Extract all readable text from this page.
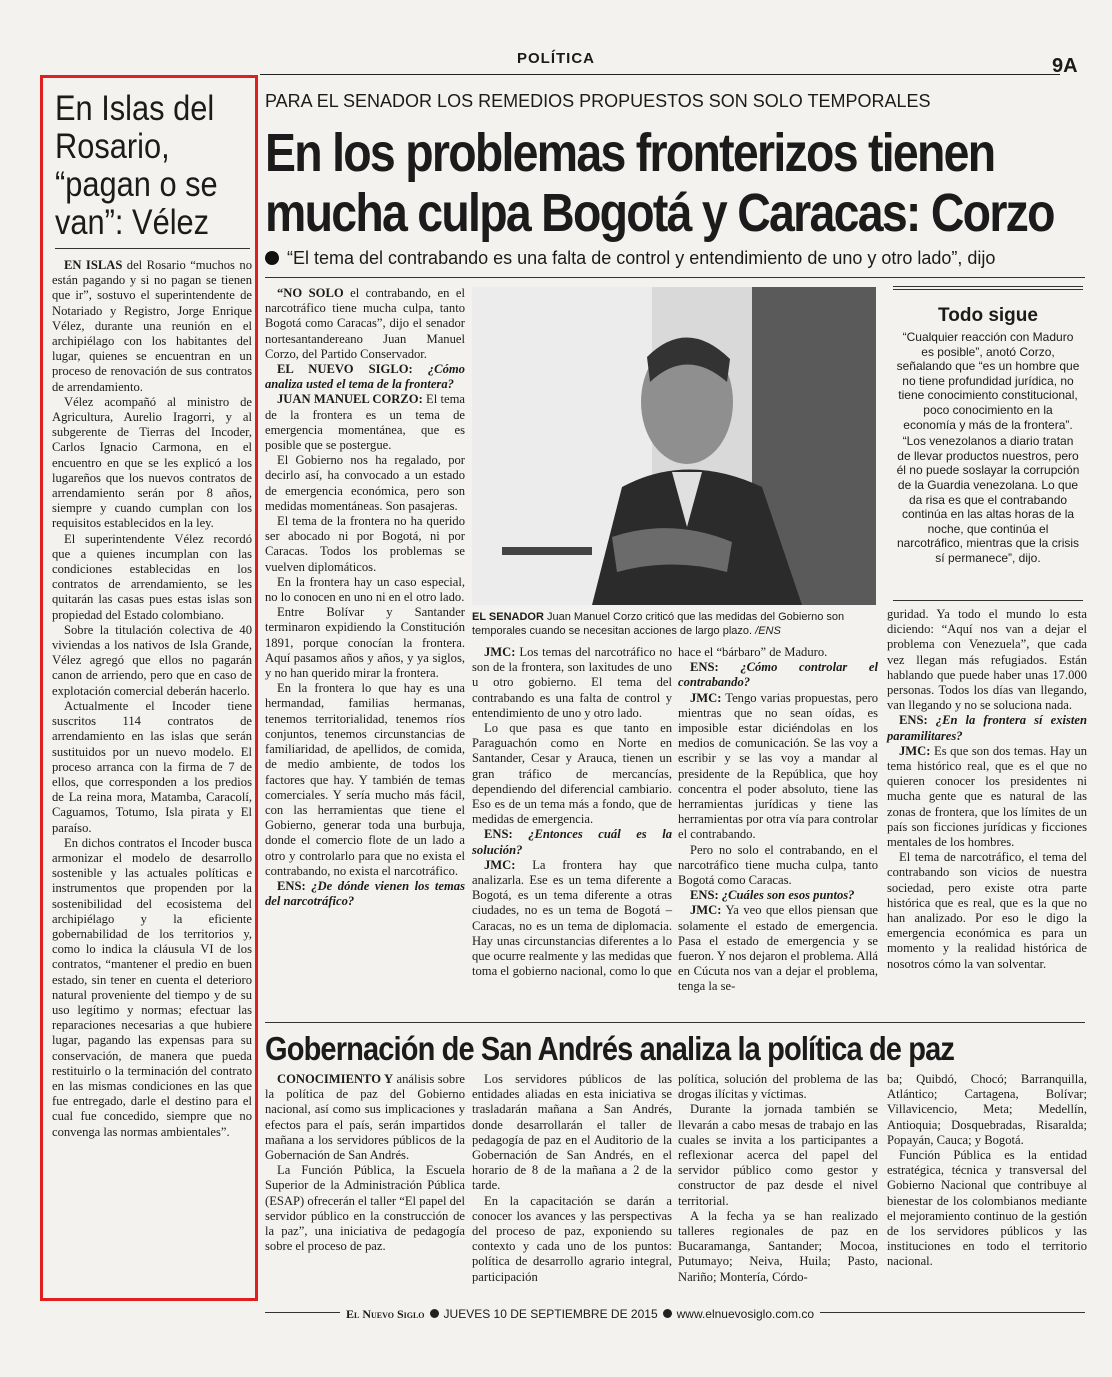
POLÍTICA	9A
En Islas del Rosario, “pagan o se van”: Vélez

EN ISLAS del Rosario “muchos no están pagando y si no pagan se tienen que ir”, sostuvo el superintendente de Notariado y Registro, Jorge Enrique Vélez, durante una reunión en el archipiélago con los habitantes del lugar, quienes se encuentran en un proceso de renovación de sus contratos de arrendamiento.

Vélez acompañó al ministro de Agricultura, Aurelio Iragorri, y al subgerente de Tierras del Incoder, Carlos Ignacio Carmona, en el encuentro en que se les explicó a los lugareños que los nuevos contratos de arrendamiento serán por 8 años, siempre y cuando cumplan con los requisitos establecidos en la ley.

El superintendente Vélez recordó que a quienes incumplan con las condiciones establecidas en los contratos de arrendamiento, se les quitarán las casas pues estas islas son propiedad del Estado colombiano.

Sobre la titulación colectiva de 40 viviendas a los nativos de Isla Grande, Vélez agregó que ellos no pagarán canon de arriendo, pero que en caso de explotación comercial deberán hacerlo.

Actualmente el Incoder tiene suscritos 114 contratos de arrendamiento en las islas que serán sustituidos por un nuevo modelo. El proceso arranca con la firma de 7 de ellos, que corresponden a los predios de La reina mora, Matamba, Caracolí, Caguamos, Totumo, Isla pirata y El paraíso.

En dichos contratos el Incoder busca armonizar el modelo de desarrollo sostenible y las actuales políticas e instrumentos que propenden por la sostenibilidad del ecosistema del archipiélago y la eficiente gobernabilidad de los territorios y, como lo indica la cláusula VI de los contratos, “mantener el predio en buen estado, sin tener en cuenta el deterioro natural proveniente del tiempo y de su uso legítimo y normas; efectuar las reparaciones necesarias a que hubiere lugar, pagando las expensas para su conservación, de manera que pueda restituirlo o la terminación del contrato en las mismas condiciones en las que fue entregado, darle el destino para el cual fue concedido, siempre que no convenga las normas ambientales”.

PARA EL SENADOR LOS REMEDIOS PROPUESTOS SON SOLO TEMPORALES
En los problemas fronterizos tienen mucha culpa Bogotá y Caracas: Corzo
“El tema del contrabando es una falta de control y entendimiento de uno y otro lado”, dijo

“NO SOLO el contrabando, en el narcotráfico tiene mucha culpa, tanto Bogotá como Caracas”, dijo el senador nortesantandereano Juan Manuel Corzo, del Partido Conservador.

EL NUEVO SIGLO: ¿Cómo analiza usted el tema de la frontera?

JUAN MANUEL CORZO: El tema de la frontera es un tema de emergencia momentánea, que es posible que se postergue.

El Gobierno nos ha regalado, por decirlo así, ha convocado a un estado de emergencia económica, pero son medidas momentáneas. Son pasajeras.

El tema de la frontera no ha querido ser abocado ni por Bogotá, ni por Caracas. Todos los problemas se vuelven diplomáticos.

En la frontera hay un caso especial, no lo conocen en uno ni en el otro lado.

Entre Bolívar y Santander terminaron expidiendo la Constitución 1891, porque conocían la frontera. Aquí pasamos años y años, y ya siglos, y no han querido mirar la frontera.

En la frontera lo que hay es una hermandad, familias hermanas, tenemos territorialidad, tenemos ríos conjuntos, tenemos circunstancias de familiaridad, de apellidos, de comida, de medio ambiente, de todos los factores que hay. Y también de temas comerciales. Y sería mucho más fácil, con las herramientas que tiene el Gobierno, generar toda una burbuja, donde el comercio flote de un lado a otro y controlarlo para que no exista el contrabando, no exista el narcotráfico.

ENS: ¿De dónde vienen los temas del narcotráfico?

EL SENADOR Juan Manuel Corzo criticó que las medidas del Gobierno son temporales cuando se necesitan acciones de largo plazo. /ENS

JMC: Los temas del narcotráfico no son de la frontera, son laxitudes de uno u otro gobierno. El tema del contrabando es una falta de control y entendimiento de uno y otro lado.

Lo que pasa es que tanto en Paraguachón como en Norte en Santander, Cesar y Arauca, tienen un gran tráfico de mercancías, dependiendo del diferencial cambiario. Eso es de un tema más a fondo, que de medidas de emergencia.

ENS: ¿Entonces cuál es la solución?

JMC: La frontera hay que analizarla. Ese es un tema diferente a Bogotá, es un tema diferente a otras ciudades, no es un tema de Bogotá – Caracas, no es un tema de diplomacia. Hay unas circunstancias diferentes a lo que ocurre realmente y las medidas que toma el gobierno nacional, como lo que

hace el “bárbaro” de Maduro.

ENS: ¿Cómo controlar el contrabando?

JMC: Tengo varias propuestas, pero mientras que no sean oídas, es imposible estar diciéndolas en los medios de comunicación. Se las voy a escribir y se las voy a mandar al presidente de la República, que hoy concentra el poder absoluto, tiene las herramientas jurídicas y tiene las herramientas por otra vía para controlar el contrabando.

Pero no solo el contrabando, en el narcotráfico tiene mucha culpa, tanto Bogotá como Caracas.

ENS: ¿Cuáles son esos puntos?

JMC: Ya veo que ellos piensan que solamente el estado de emergencia. Pasa el estado de emergencia y se fueron. Y nos dejaron el problema. Allá en Cúcuta nos van a dejar el problema, tenga la se-

Todo sigue

“Cualquier reacción con Maduro es posible”, anotó Corzo, señalando que “es un hombre que no tiene profundidad jurídica, no tiene conocimiento constitucional, poco conocimiento en la economía y más de la frontera”.

“Los venezolanos a diario tratan de llevar productos nuestros, pero él no puede soslayar la corrupción de la Guardia venezolana. Lo que da risa es que el contrabando continúa en las altas horas de la noche, que continúa el narcotráfico, mientras que la crisis sí permanece”, dijo.

guridad. Ya todo el mundo lo esta diciendo: “Aquí nos van a dejar el problema con Venezuela”, que cada vez llegan más refugiados. Están hablando que puede haber unas 17.000 personas. Todos los días van llegando, van llegando y no se soluciona nada.

ENS: ¿En la frontera sí existen paramilitares?

JMC: Es que son dos temas. Hay un tema histórico real, que es el que no quieren conocer los presidentes ni mucha gente que es natural de las zonas de frontera, que los límites de un país son ficciones jurídicas y ficciones mentales de los hombres.

El tema de narcotráfico, el tema del contrabando son vicios de nuestra sociedad, pero existe otra parte histórica que es real, que es la que no han analizado. Por eso le digo la emergencia económica es para un momento y la realidad histórica de nosotros cómo la van solventar.

Gobernación de San Andrés analiza la política de paz

CONOCIMIENTO Y análisis sobre la política de paz del Gobierno nacional, así como sus implicaciones y efectos para el país, serán impartidos mañana a los servidores públicos de la Gobernación de San Andrés.

La Función Pública, la Escuela Superior de la Administración Pública (ESAP) ofrecerán el taller “El papel del servidor público en la construcción de la paz”, una iniciativa de pedagogía sobre el proceso de paz.

Los servidores públicos de las entidades aliadas en esta iniciativa se trasladarán mañana a San Andrés, donde desarrollarán el taller de pedagogía de paz en el Auditorio de la Gobernación de San Andrés, en el horario de 8 de la mañana a 2 de la tarde.

En la capacitación se darán a conocer los avances y las perspectivas del proceso de paz, exponiendo su contexto y cada uno de los puntos: política de desarrollo agrario integral, participación

política, solución del problema de las drogas ilícitas y víctimas.

Durante la jornada también se llevarán a cabo mesas de trabajo en las cuales se invita a los participantes a reflexionar acerca del papel del servidor público como gestor y constructor de paz desde el nivel territorial.

A la fecha ya se han realizado talleres regionales de paz en Bucaramanga, Santander; Mocoa, Putumayo; Neiva, Huila; Pasto, Nariño; Montería, Córdo-

ba; Quibdó, Chocó; Barranquilla, Atlántico; Cartagena, Bolívar; Villavicencio, Meta; Medellín, Antioquia; Dosquebradas, Risaralda; Popayán, Cauca; y Bogotá.

Función Pública es la entidad estratégica, técnica y transversal del Gobierno Nacional que contribuye al bienestar de los colombianos mediante el mejoramiento continuo de la gestión de los servidores públicos y las instituciones en todo el territorio nacional.

El Nuevo Siglo JUEVES 10 DE SEPTIEMBRE DE 2015 www.elnuevosiglo.com.co
